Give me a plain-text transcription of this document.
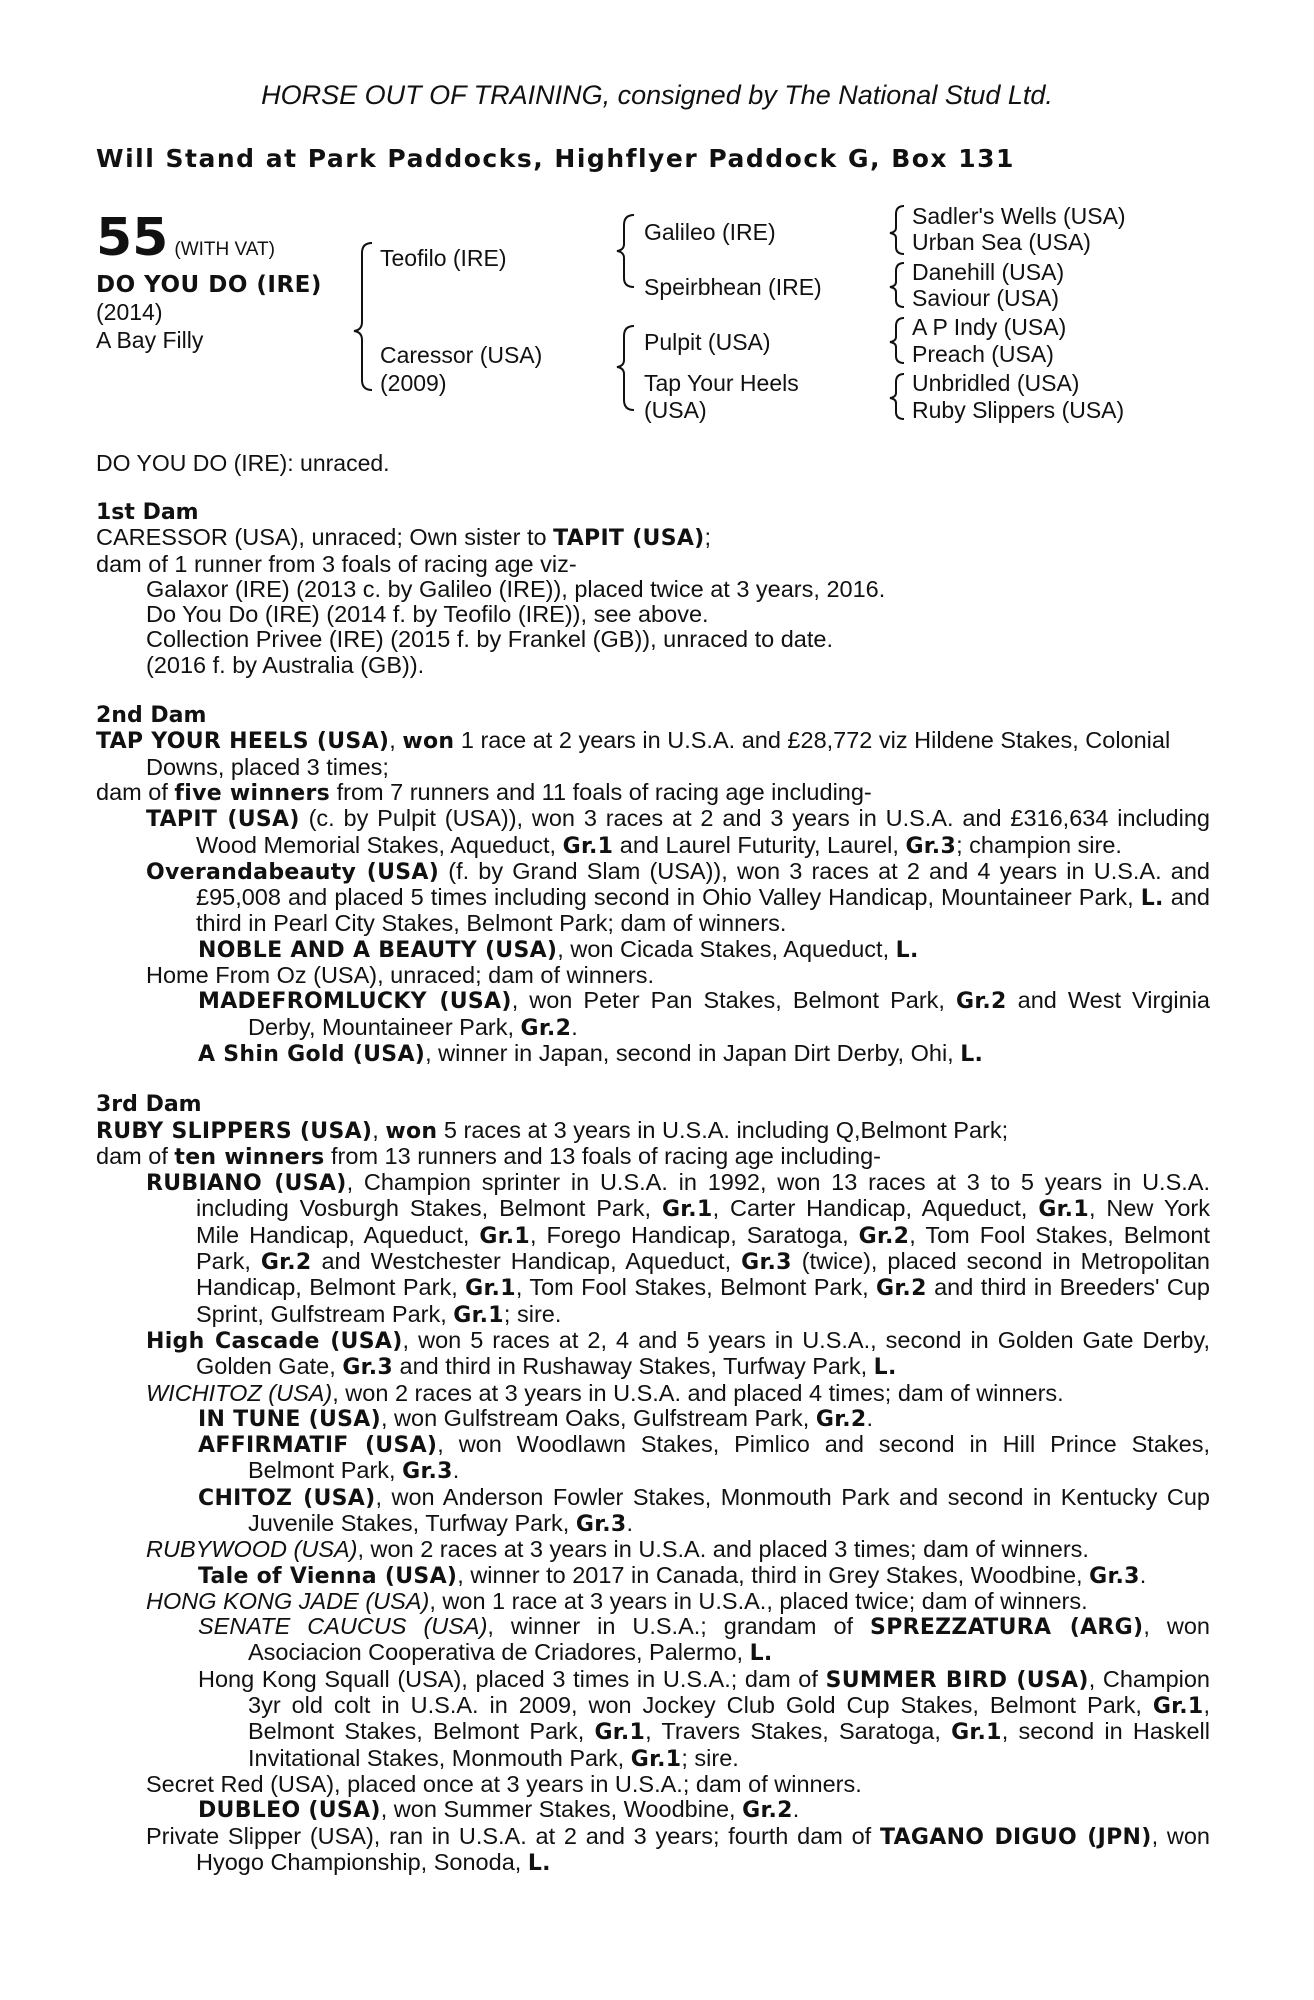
HORSE OUT OF TRAINING, consigned by The National Stud Ltd.
Will Stand at Park Paddocks, Highflyer Paddock G, Box 131
55 (WITH VAT)
DO YOU DO (IRE)
(2014)
A Bay Filly
Teofilo (IRE)
Caressor (USA)
(2009)
Galileo (IRE)
Speirbhean (IRE)
Pulpit (USA)
Tap Your Heels
(USA)
Sadler's Wells (USA)
Urban Sea (USA)
Danehill (USA)
Saviour (USA)
A P Indy (USA)
Preach (USA)
Unbridled (USA)
Ruby Slippers (USA)
DO YOU DO (IRE): unraced.
1st Dam
CARESSOR (USA), unraced; Own sister to TAPIT (USA);
dam of 1 runner from 3 foals of racing age viz-
Galaxor (IRE) (2013 c. by Galileo (IRE)), placed twice at 3 years, 2016.
Do You Do (IRE) (2014 f. by Teofilo (IRE)), see above.
Collection Privee (IRE) (2015 f. by Frankel (GB)), unraced to date.
(2016 f. by Australia (GB)).
2nd Dam
TAP YOUR HEELS (USA), won 1 race at 2 years in U.S.A. and £28,772 viz Hildene Stakes, Colonial Downs, placed 3 times;
dam of five winners from 7 runners and 11 foals of racing age including-
TAPIT (USA) (c. by Pulpit (USA)), won 3 races at 2 and 3 years in U.S.A. and £316,634 including Wood Memorial Stakes, Aqueduct, Gr.1 and Laurel Futurity, Laurel, Gr.3; champion sire.
Overandabeauty (USA) (f. by Grand Slam (USA)), won 3 races at 2 and 4 years in U.S.A. and £95,008 and placed 5 times including second in Ohio Valley Handicap, Mountaineer Park, L. and third in Pearl City Stakes, Belmont Park; dam of winners.
NOBLE AND A BEAUTY (USA), won Cicada Stakes, Aqueduct, L.
Home From Oz (USA), unraced; dam of winners.
MADEFROMLUCKY (USA), won Peter Pan Stakes, Belmont Park, Gr.2 and West Virginia Derby, Mountaineer Park, Gr.2.
A Shin Gold (USA), winner in Japan, second in Japan Dirt Derby, Ohi, L.
3rd Dam
RUBY SLIPPERS (USA), won 5 races at 3 years in U.S.A. including Q,Belmont Park;
dam of ten winners from 13 runners and 13 foals of racing age including-
RUBIANO (USA), Champion sprinter in U.S.A. in 1992, won 13 races at 3 to 5 years in U.S.A. including Vosburgh Stakes, Belmont Park, Gr.1, Carter Handicap, Aqueduct, Gr.1, New York Mile Handicap, Aqueduct, Gr.1, Forego Handicap, Saratoga, Gr.2, Tom Fool Stakes, Belmont Park, Gr.2 and Westchester Handicap, Aqueduct, Gr.3 (twice), placed second in Metropolitan Handicap, Belmont Park, Gr.1, Tom Fool Stakes, Belmont Park, Gr.2 and third in Breeders' Cup Sprint, Gulfstream Park, Gr.1; sire.
High Cascade (USA), won 5 races at 2, 4 and 5 years in U.S.A., second in Golden Gate Derby, Golden Gate, Gr.3 and third in Rushaway Stakes, Turfway Park, L.
WICHITOZ (USA), won 2 races at 3 years in U.S.A. and placed 4 times; dam of winners.
IN TUNE (USA), won Gulfstream Oaks, Gulfstream Park, Gr.2.
AFFIRMATIF (USA), won Woodlawn Stakes, Pimlico and second in Hill Prince Stakes, Belmont Park, Gr.3.
CHITOZ (USA), won Anderson Fowler Stakes, Monmouth Park and second in Kentucky Cup Juvenile Stakes, Turfway Park, Gr.3.
RUBYWOOD (USA), won 2 races at 3 years in U.S.A. and placed 3 times; dam of winners.
Tale of Vienna (USA), winner to 2017 in Canada, third in Grey Stakes, Woodbine, Gr.3.
HONG KONG JADE (USA), won 1 race at 3 years in U.S.A., placed twice; dam of winners.
SENATE CAUCUS (USA), winner in U.S.A.; grandam of SPREZZATURA (ARG), won Asociacion Cooperativa de Criadores, Palermo, L.
Hong Kong Squall (USA), placed 3 times in U.S.A.; dam of SUMMER BIRD (USA), Champion 3yr old colt in U.S.A. in 2009, won Jockey Club Gold Cup Stakes, Belmont Park, Gr.1, Belmont Stakes, Belmont Park, Gr.1, Travers Stakes, Saratoga, Gr.1, second in Haskell Invitational Stakes, Monmouth Park, Gr.1; sire.
Secret Red (USA), placed once at 3 years in U.S.A.; dam of winners.
DUBLEO (USA), won Summer Stakes, Woodbine, Gr.2.
Private Slipper (USA), ran in U.S.A. at 2 and 3 years; fourth dam of TAGANO DIGUO (JPN), won Hyogo Championship, Sonoda, L.
